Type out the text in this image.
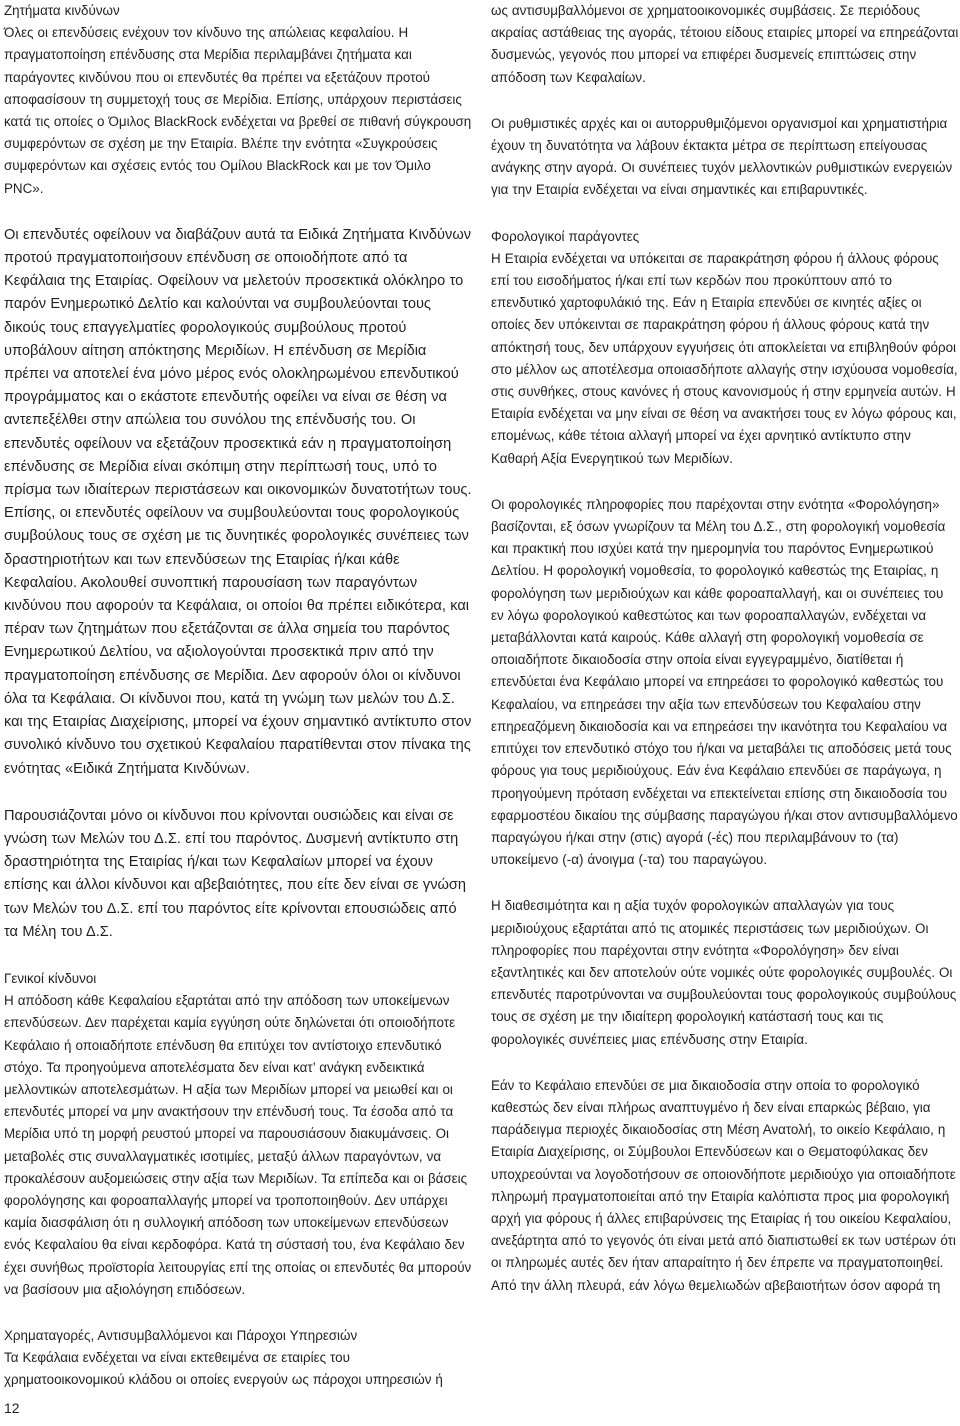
Ζητήματα κινδύνων
Όλες οι επενδύσεις ενέχουν τον κίνδυνο της απώλειας κεφαλαίου. Η πραγματοποίηση επένδυσης στα Μερίδια περιλαμβάνει ζητήματα και παράγοντες κινδύνου που οι επενδυτές θα πρέπει να εξετάζουν προτού αποφασίσουν τη συμμετοχή τους σε Μερίδια. Επίσης, υπάρχουν περιστάσεις κατά τις οποίες ο Όμιλος BlackRock ενδέχεται να βρεθεί σε πιθανή σύγκρουση συμφερόντων σε σχέση με την Εταιρία. Βλέπε την ενότητα «Συγκρούσεις συμφερόντων και σχέσεις εντός του Ομίλου BlackRock και με τον Όμιλο PNC».

Οι επενδυτές οφείλουν να διαβάζουν αυτά τα Ειδικά Ζητήματα Κινδύνων προτού πραγματοποιήσουν επένδυση σε οποιοδήποτε από τα Κεφάλαια της Εταιρίας. Οφείλουν να μελετούν προσεκτικά ολόκληρο το παρόν Ενημερωτικό Δελτίο και καλούνται να συμβουλεύονται τους δικούς τους επαγγελματίες φορολογικούς συμβούλους προτού υποβάλουν αίτηση απόκτησης Μεριδίων. Η επένδυση σε Μερίδια πρέπει να αποτελεί ένα μόνο μέρος ενός ολοκληρωμένου επενδυτικού προγράμματος και ο εκάστοτε επενδυτής οφείλει να είναι σε θέση να αντεπεξέλθει στην απώλεια του συνόλου της επένδυσής του. Οι επενδυτές οφείλουν να εξετάζουν προσεκτικά εάν η πραγματοποίηση επένδυσης σε Μερίδια είναι σκόπιμη στην περίπτωσή τους, υπό το πρίσμα των ιδιαίτερων περιστάσεων και οικονομικών δυνατοτήτων τους. Επίσης, οι επενδυτές οφείλουν να συμβουλεύονται τους φορολογικούς συμβούλους τους σε σχέση με τις δυνητικές φορολογικές συνέπειες των δραστηριοτήτων και των επενδύσεων της Εταιρίας ή/και κάθε Κεφαλαίου. Ακολουθεί συνοπτική παρουσίαση των παραγόντων κινδύνου που αφορούν τα Κεφάλαια, οι οποίοι θα πρέπει ειδικότερα, και πέραν των ζητημάτων που εξετάζονται σε άλλα σημεία του παρόντος Ενημερωτικού Δελτίου, να αξιολογούνται προσεκτικά πριν από την πραγματοποίηση επένδυσης σε Μερίδια. Δεν αφορούν όλοι οι κίνδυνοι όλα τα Κεφάλαια. Οι κίνδυνοι που, κατά τη γνώμη των μελών του Δ.Σ. και της Εταιρίας Διαχείρισης, μπορεί να έχουν σημαντικό αντίκτυπο στον συνολικό κίνδυνο του σχετικού Κεφαλαίου παρατίθενται στον πίνακα της ενότητας «Ειδικά Ζητήματα Κινδύνων.

Παρουσιάζονται μόνο οι κίνδυνοι που κρίνονται ουσιώδεις και είναι σε γνώση των Μελών του Δ.Σ. επί του παρόντος. Δυσμενή αντίκτυπο στη δραστηριότητα της Εταιρίας ή/και των Κεφαλαίων μπορεί να έχουν επίσης και άλλοι κίνδυνοι και αβεβαιότητες, που είτε δεν είναι σε γνώση των Μελών του Δ.Σ. επί του παρόντος είτε κρίνονται επουσιώδεις από τα Μέλη του Δ.Σ.

Γενικοί κίνδυνοι
Η απόδοση κάθε Κεφαλαίου εξαρτάται από την απόδοση των υποκείμενων επενδύσεων. Δεν παρέχεται καμία εγγύηση ούτε δηλώνεται ότι οποιοδήποτε Κεφάλαιο ή οποιαδήποτε επένδυση θα επιτύχει τον αντίστοιχο επενδυτικό στόχο. Τα προηγούμενα αποτελέσματα δεν είναι κατ’ ανάγκη ενδεικτικά μελλοντικών αποτελεσμάτων. Η αξία των Μεριδίων μπορεί να μειωθεί και οι επενδυτές μπορεί να μην ανακτήσουν την επένδυσή τους. Τα έσοδα από τα Μερίδια υπό τη μορφή ρευστού μπορεί να παρουσιάσουν διακυμάνσεις. Οι μεταβολές στις συναλλαγματικές ισοτιμίες, μεταξύ άλλων παραγόντων, να προκαλέσουν αυξομειώσεις στην αξία των Μεριδίων. Τα επίπεδα και οι βάσεις φορολόγησης και φοροαπαλλαγής μπορεί να τροποποιηθούν. Δεν υπάρχει καμία διασφάλιση ότι η συλλογική απόδοση των υποκείμενων επενδύσεων ενός Κεφαλαίου θα είναι κερδοφόρα. Κατά τη σύστασή του, ένα Κεφάλαιο δεν έχει συνήθως προϊστορία λειτουργίας επί της οποίας οι επενδυτές θα μπορούν να βασίσουν μια αξιολόγηση επιδόσεων.

Χρηματαγορές, Αντισυμβαλλόμενοι και Πάροχοι Υπηρεσιών
Τα Κεφάλαια ενδέχεται να είναι εκτεθειμένα σε εταιρίες του χρηματοοικονομικού κλάδου οι οποίες ενεργούν ως πάροχοι υπηρεσιών ή

ως αντισυμβαλλόμενοι σε χρηματοοικονομικές συμβάσεις. Σε περιόδους ακραίας αστάθειας της αγοράς, τέτοιου είδους εταιρίες μπορεί να επηρεάζονται δυσμενώς, γεγονός που μπορεί να επιφέρει δυσμενείς επιπτώσεις στην απόδοση των Κεφαλαίων.

Οι ρυθμιστικές αρχές και οι αυτορρυθμιζόμενοι οργανισμοί και χρηματιστήρια έχουν τη δυνατότητα να λάβουν έκτακτα μέτρα σε περίπτωση επείγουσας ανάγκης στην αγορά. Οι συνέπειες τυχόν μελλοντικών ρυθμιστικών ενεργειών για την Εταιρία ενδέχεται να είναι σημαντικές και επιβαρυντικές.

Φορολογικοί παράγοντες
Η Εταιρία ενδέχεται να υπόκειται σε παρακράτηση φόρου ή άλλους φόρους επί του εισοδήματος ή/και επί των κερδών που προκύπτουν από το επενδυτικό χαρτοφυλάκιό της. Εάν η Εταιρία επενδύει σε κινητές αξίες οι οποίες δεν υπόκεινται σε παρακράτηση φόρου ή άλλους φόρους κατά την απόκτησή τους, δεν υπάρχουν εγγυήσεις ότι αποκλείεται να επιβληθούν φόροι στο μέλλον ως αποτέλεσμα οποιασδήποτε αλλαγής στην ισχύουσα νομοθεσία, στις συνθήκες, στους κανόνες ή στους κανονισμούς ή στην ερμηνεία αυτών. Η Εταιρία ενδέχεται να μην είναι σε θέση να ανακτήσει τους εν λόγω φόρους και, επομένως, κάθε τέτοια αλλαγή μπορεί να έχει αρνητικό αντίκτυπο στην Καθαρή Αξία Ενεργητικού των Μεριδίων.

Οι φορολογικές πληροφορίες που παρέχονται στην ενότητα «Φορολόγηση» βασίζονται, εξ όσων γνωρίζουν τα Μέλη του Δ.Σ., στη φορολογική νομοθεσία και πρακτική που ισχύει κατά την ημερομηνία του παρόντος Ενημερωτικού Δελτίου. Η φορολογική νομοθεσία, το φορολογικό καθεστώς της Εταιρίας, η φορολόγηση των μεριδιούχων και κάθε φοροαπαλλαγή, και οι συνέπειες του εν λόγω φορολογικού καθεστώτος και των φοροαπαλλαγών, ενδέχεται να μεταβάλλονται κατά καιρούς. Κάθε αλλαγή στη φορολογική νομοθεσία σε οποιαδήποτε δικαιοδοσία στην οποία είναι εγγεγραμμένο, διατίθεται ή επενδύεται ένα Κεφάλαιο μπορεί να επηρεάσει το φορολογικό καθεστώς του Κεφαλαίου, να επηρεάσει την αξία των επενδύσεων του Κεφαλαίου στην επηρεαζόμενη δικαιοδοσία και να επηρεάσει την ικανότητα του Κεφαλαίου να επιτύχει τον επενδυτικό στόχο του ή/και να μεταβάλει τις αποδόσεις μετά τους φόρους για τους μεριδιούχους. Εάν ένα Κεφάλαιο επενδύει σε παράγωγα, η προηγούμενη πρόταση ενδέχεται να επεκτείνεται επίσης στη δικαιοδοσία του εφαρμοστέου δικαίου της σύμβασης παραγώγου ή/και στον αντισυμβαλλόμενο παραγώγου ή/και στην (στις) αγορά (-ές) που περιλαμβάνουν το (τα) υποκείμενο (-α) άνοιγμα (-τα) του παραγώγου.

Η διαθεσιμότητα και η αξία τυχόν φορολογικών απαλλαγών για τους μεριδιούχους εξαρτάται από τις ατομικές περιστάσεις των μεριδιούχων. Οι πληροφορίες που παρέχονται στην ενότητα «Φορολόγηση» δεν είναι εξαντλητικές και δεν αποτελούν ούτε νομικές ούτε φορολογικές συμβουλές. Οι επενδυτές παροτρύνονται να συμβουλεύονται τους φορολογικούς συμβούλους τους σε σχέση με την ιδιαίτερη φορολογική κατάστασή τους και τις φορολογικές συνέπειες μιας επένδυσης στην Εταιρία.

Εάν το Κεφάλαιο επενδύει σε μια δικαιοδοσία στην οποία το φορολογικό καθεστώς δεν είναι πλήρως αναπτυγμένο ή δεν είναι επαρκώς βέβαιο, για παράδειγμα περιοχές δικαιοδοσίας στη Μέση Ανατολή, το οικείο Κεφάλαιο, η Εταιρία Διαχείρισης, οι Σύμβουλοι Επενδύσεων και ο Θεματοφύλακας δεν υποχρεούνται να λογοδοτήσουν σε οποιονδήποτε μεριδιούχο για οποιαδήποτε πληρωμή πραγματοποιείται από την Εταιρία καλόπιστα προς μια φορολογική αρχή για φόρους ή άλλες επιβαρύνσεις της Εταιρίας ή του οικείου Κεφαλαίου, ανεξάρτητα από το γεγονός ότι είναι μετά από διαπιστωθεί εκ των υστέρων ότι οι πληρωμές αυτές δεν ήταν απαραίτητο ή δεν έπρεπε να πραγματοποιηθεί. Από την άλλη πλευρά, εάν λόγω θεμελιωδών αβεβαιοτήτων όσον αφορά τη

12
